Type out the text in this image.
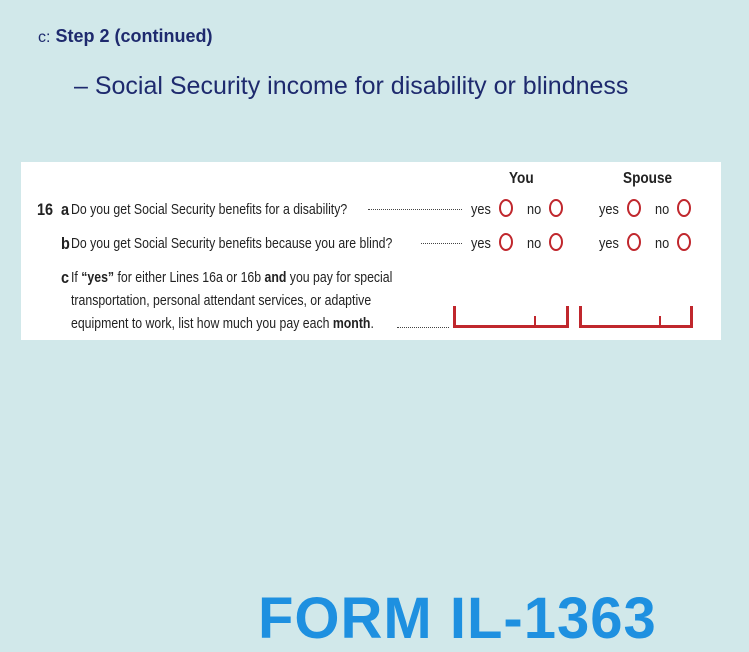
c: Step 2 (continued)
– Social Security income for disability or blindness
You	Spouse
16 a Do you get Social Security benefits for a disability?	yes no	yes no
b Do you get Social Security benefits because you are blind?	yes no	yes no
c If “yes” for either Lines 16a or 16b and you pay for special
transportation, personal attendant services, or adaptive
equipment to work, list how much you pay each month.
FORM IL-1363
